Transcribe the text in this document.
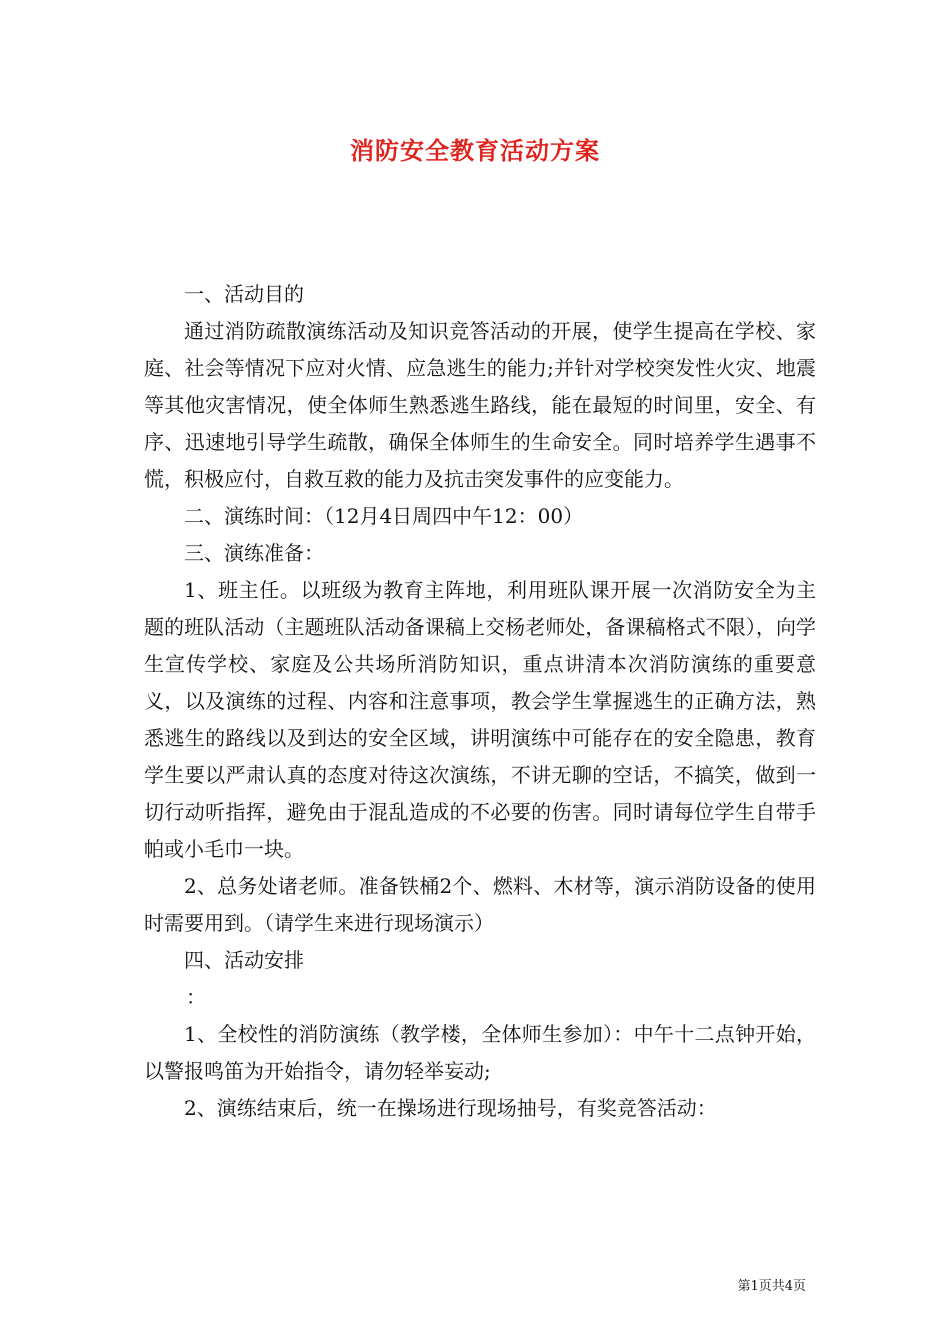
消防安全教育活动方案

一、活动目的

通过消防疏散演练活动及知识竞答活动的开展，使学生提高在学校、家庭、社会等情况下应对火情、应急逃生的能力;并针对学校突发性火灾、地震等其他灾害情况，使全体师生熟悉逃生路线，能在最短的时间里，安全、有序、迅速地引导学生疏散，确保全体师生的生命安全。同时培养学生遇事不慌，积极应付，自救互救的能力及抗击突发事件的应变能力。

二、演练时间：（12月4日周四中午12：00）

三、演练准备：

1、班主任。以班级为教育主阵地，利用班队课开展一次消防安全为主题的班队活动（主题班队活动备课稿上交杨老师处，备课稿格式不限），向学生宣传学校、家庭及公共场所消防知识，重点讲清本次消防演练的重要意义，以及演练的过程、内容和注意事项，教会学生掌握逃生的正确方法，熟悉逃生的路线以及到达的安全区域，讲明演练中可能存在的安全隐患，教育学生要以严肃认真的态度对待这次演练，不讲无聊的空话，不搞笑，做到一切行动听指挥，避免由于混乱造成的不必要的伤害。同时请每位学生自带手帕或小毛巾一块。

2、总务处诸老师。准备铁桶2个、燃料、木材等，演示消防设备的使用时需要用到。（请学生来进行现场演示）

四、活动安排

：

1、全校性的消防演练（教学楼，全体师生参加）：中午十二点钟开始，以警报鸣笛为开始指令，请勿轻举妄动;

2、演练结束后，统一在操场进行现场抽号，有奖竞答活动：

第1页共4页
